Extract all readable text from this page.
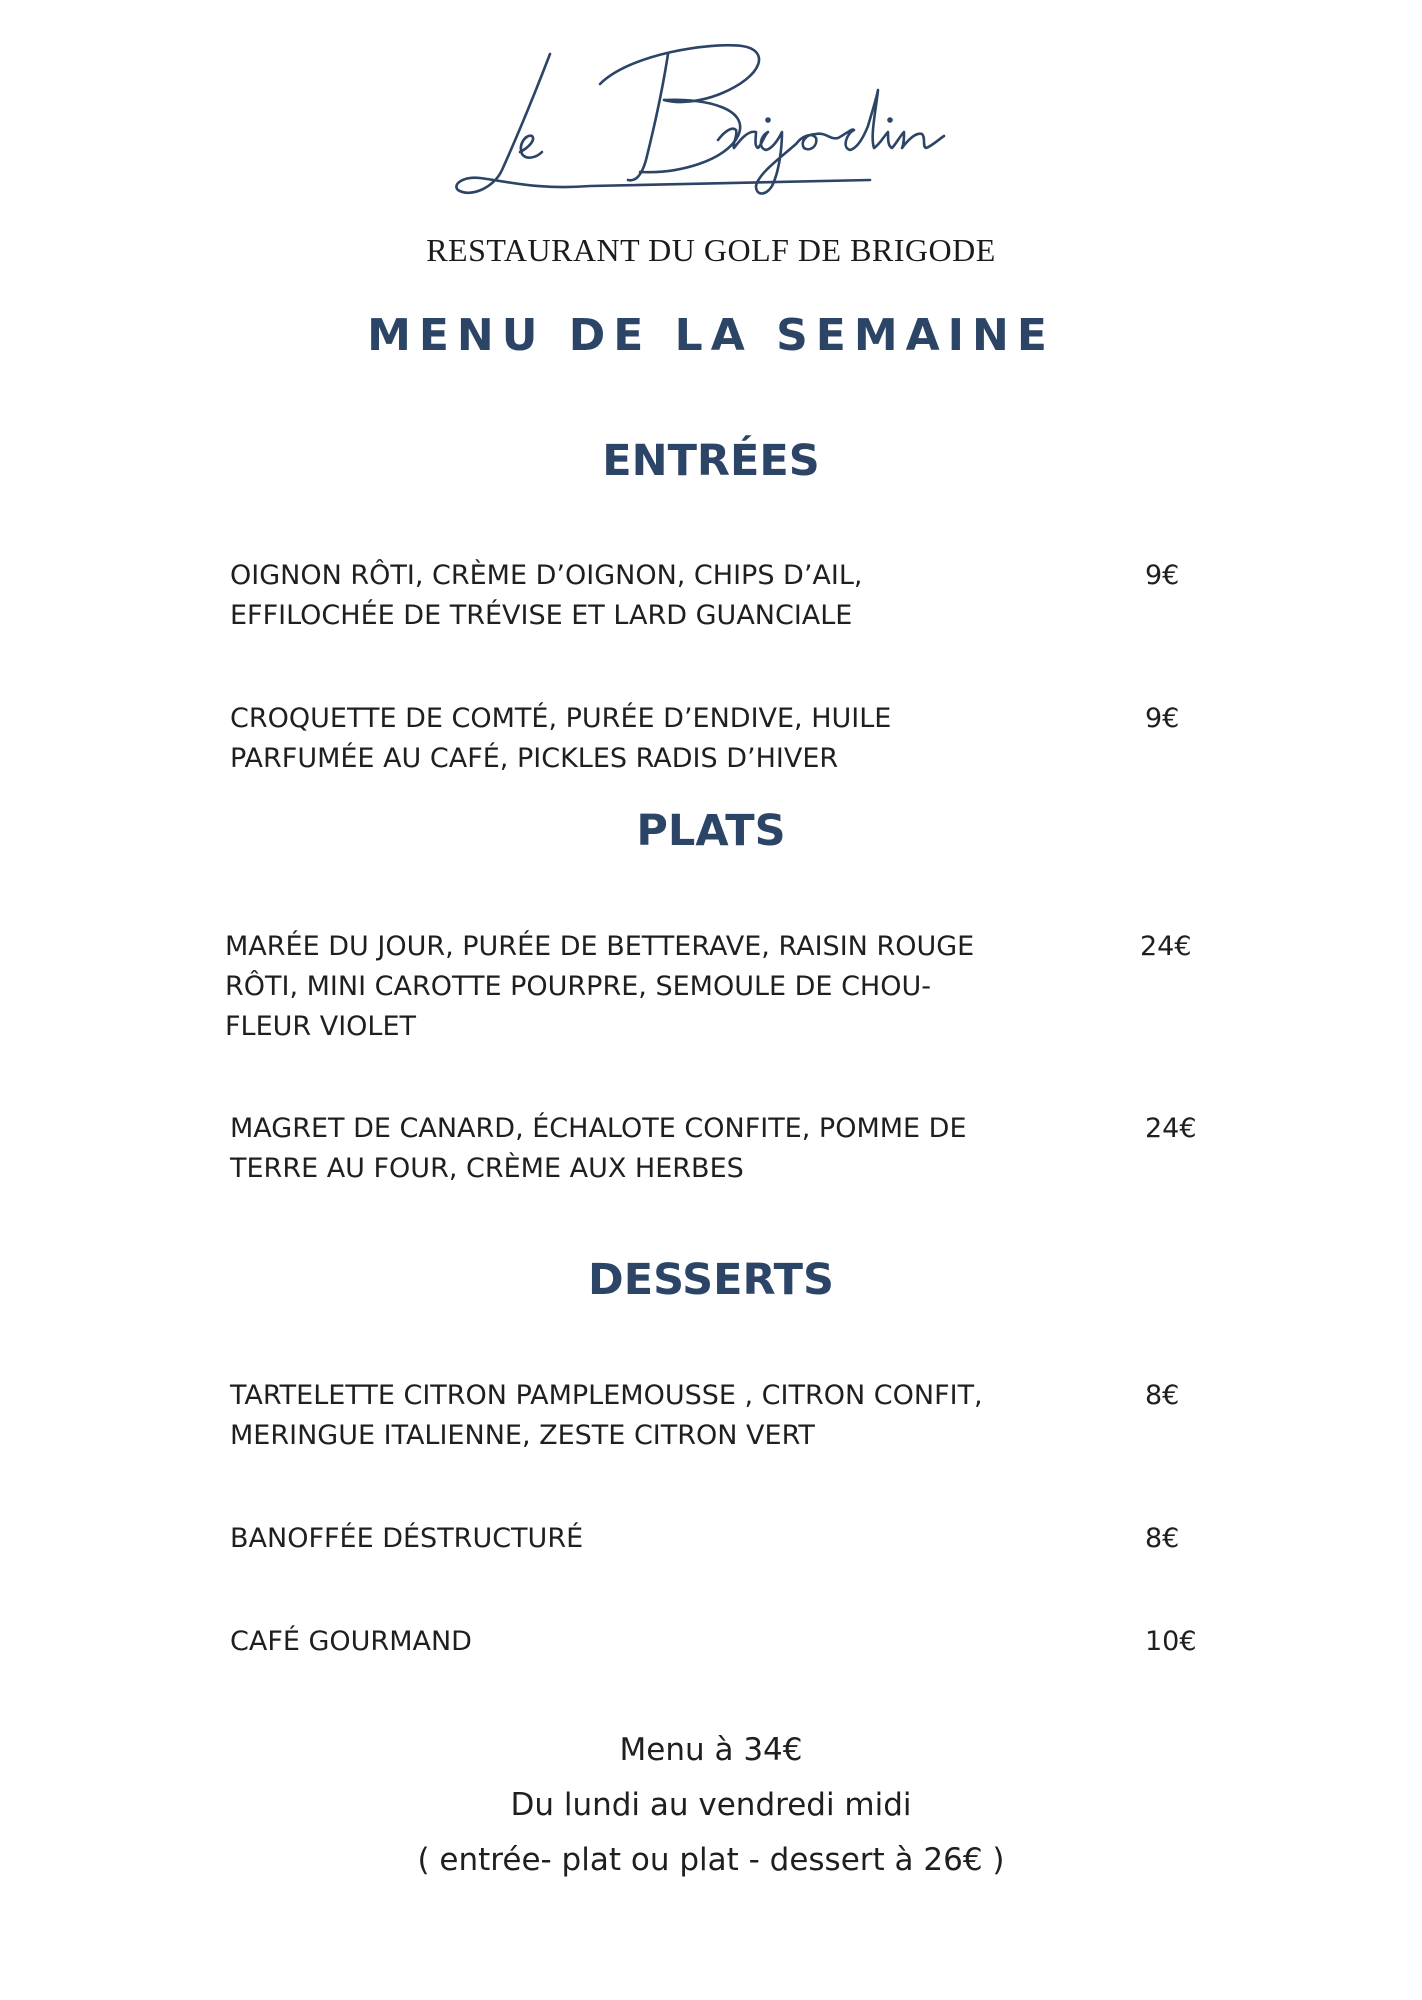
RESTAURANT DU GOLF DE BRIGODE
MENU DE LA SEMAINE
ENTRÉES
OIGNON RÔTI, CRÈME D’OIGNON, CHIPS D’AIL,
EFFILOCHÉE DE TRÉVISE ET LARD GUANCIALE
9€
CROQUETTE DE COMTÉ, PURÉE D’ENDIVE, HUILE
PARFUMÉE AU CAFÉ, PICKLES RADIS D’HIVER
9€
PLATS
MARÉE DU JOUR, PURÉE DE BETTERAVE, RAISIN ROUGE
RÔTI, MINI CAROTTE POURPRE, SEMOULE DE CHOU-
FLEUR VIOLET
24€
MAGRET DE CANARD, ÉCHALOTE CONFITE, POMME DE
TERRE AU FOUR, CRÈME AUX HERBES
24€
DESSERTS
TARTELETTE CITRON PAMPLEMOUSSE , CITRON CONFIT,
MERINGUE ITALIENNE, ZESTE CITRON VERT
8€
BANOFFÉE DÉSTRUCTURÉ	8€
CAFÉ GOURMAND	10€
Menu à 34€
Du lundi au vendredi midi
( entrée- plat ou plat - dessert à 26€ )
